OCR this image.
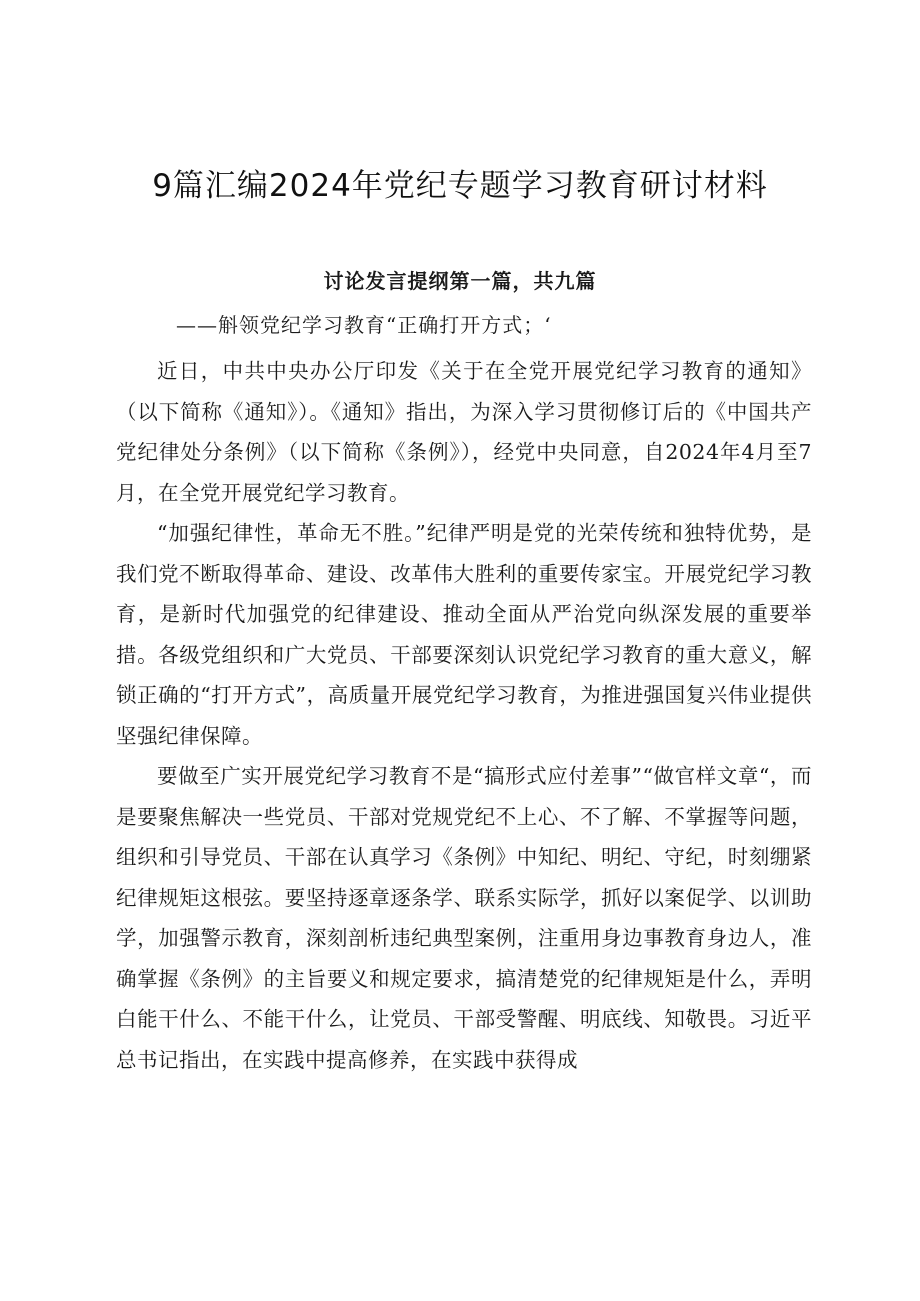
9篇汇编2024年党纪专题学习教育研讨材料
讨论发言提纲第一篇，共九篇
——斛领党纪学习教育“正确打开方式；‘

近日，中共中央办公厅印发《关于在全党开展党纪学习教育的通知》（以下简称《通知》）。《通知》指出，为深入学习贯彻修订后的《中国共产党纪律处分条例》（以下简称《条例》），经党中央同意，自2024年4月至7月，在全党开展党纪学习教育。

“加强纪律性，革命无不胜。”纪律严明是党的光荣传统和独特优势，是我们党不断取得革命、建设、改革伟大胜利的重要传家宝。开展党纪学习教育，是新时代加强党的纪律建设、推动全面从严治党向纵深发展的重要举措。各级党组织和广大党员、干部要深刻认识党纪学习教育的重大意义，解锁正确的“打开方式”，高质量开展党纪学习教育，为推进强国复兴伟业提供坚强纪律保障。

要做至广实开展党纪学习教育不是“搞形式应付差事”“做官样文章“，而是要聚焦解决一些党员、干部对党规党纪不上心、不了解、不掌握等问题，组织和引导党员、干部在认真学习《条例》中知纪、明纪、守纪，时刻绷紧纪律规矩这根弦。要坚持逐章逐条学、联系实际学，抓好以案促学、以训助学，加强警示教育，深刻剖析违纪典型案例，注重用身边事教育身边人，准确掌握《条例》的主旨要义和规定要求，搞清楚党的纪律规矩是什么，弄明白能干什么、不能干什么，让党员、干部受警醒、明底线、知敬畏。习近平总书记指出，在实践中提高修养，在实践中获得成
